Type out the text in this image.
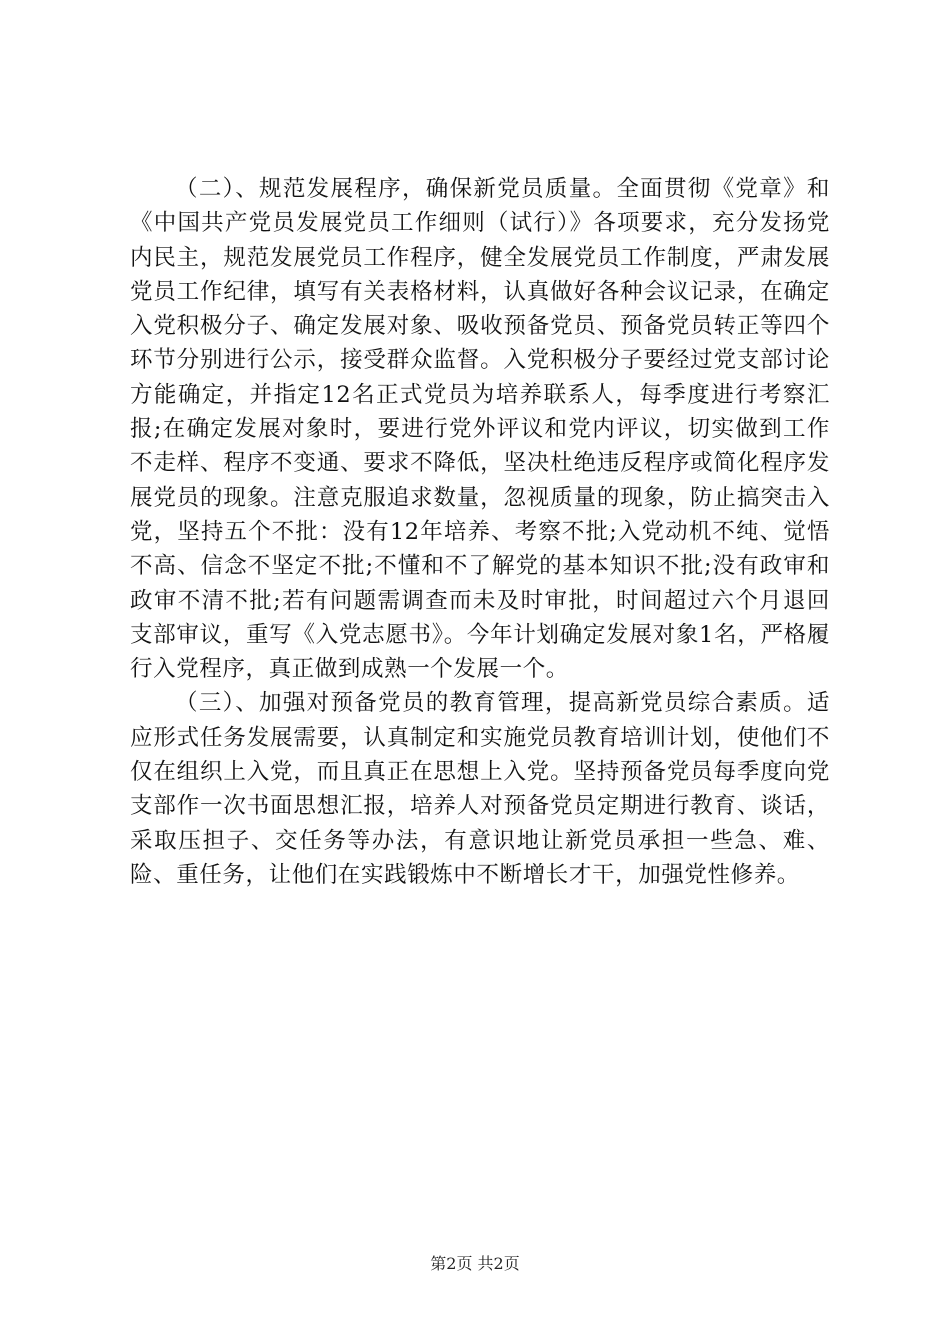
（二）、规范发展程序，确保新党员质量。全面贯彻《党章》和《中国共产党员发展党员工作细则（试行）》各项要求，充分发扬党内民主，规范发展党员工作程序，健全发展党员工作制度，严肃发展党员工作纪律，填写有关表格材料，认真做好各种会议记录，在确定入党积极分子、确定发展对象、吸收预备党员、预备党员转正等四个环节分别进行公示，接受群众监督。入党积极分子要经过党支部讨论方能确定，并指定12名正式党员为培养联系人，每季度进行考察汇报;在确定发展对象时，要进行党外评议和党内评议，切实做到工作不走样、程序不变通、要求不降低，坚决杜绝违反程序或简化程序发展党员的现象。注意克服追求数量，忽视质量的现象，防止搞突击入党，坚持五个不批：没有12年培养、考察不批;入党动机不纯、觉悟不高、信念不坚定不批;不懂和不了解党的基本知识不批;没有政审和政审不清不批;若有问题需调查而未及时审批，时间超过六个月退回支部审议，重写《入党志愿书》。今年计划确定发展对象1名，严格履行入党程序，真正做到成熟一个发展一个。

（三）、加强对预备党员的教育管理，提高新党员综合素质。适应形式任务发展需要，认真制定和实施党员教育培训计划，使他们不仅在组织上入党，而且真正在思想上入党。坚持预备党员每季度向党支部作一次书面思想汇报，培养人对预备党员定期进行教育、谈话，采取压担子、交任务等办法，有意识地让新党员承担一些急、难、险、重任务，让他们在实践锻炼中不断增长才干，加强党性修养。

第2页 共2页
